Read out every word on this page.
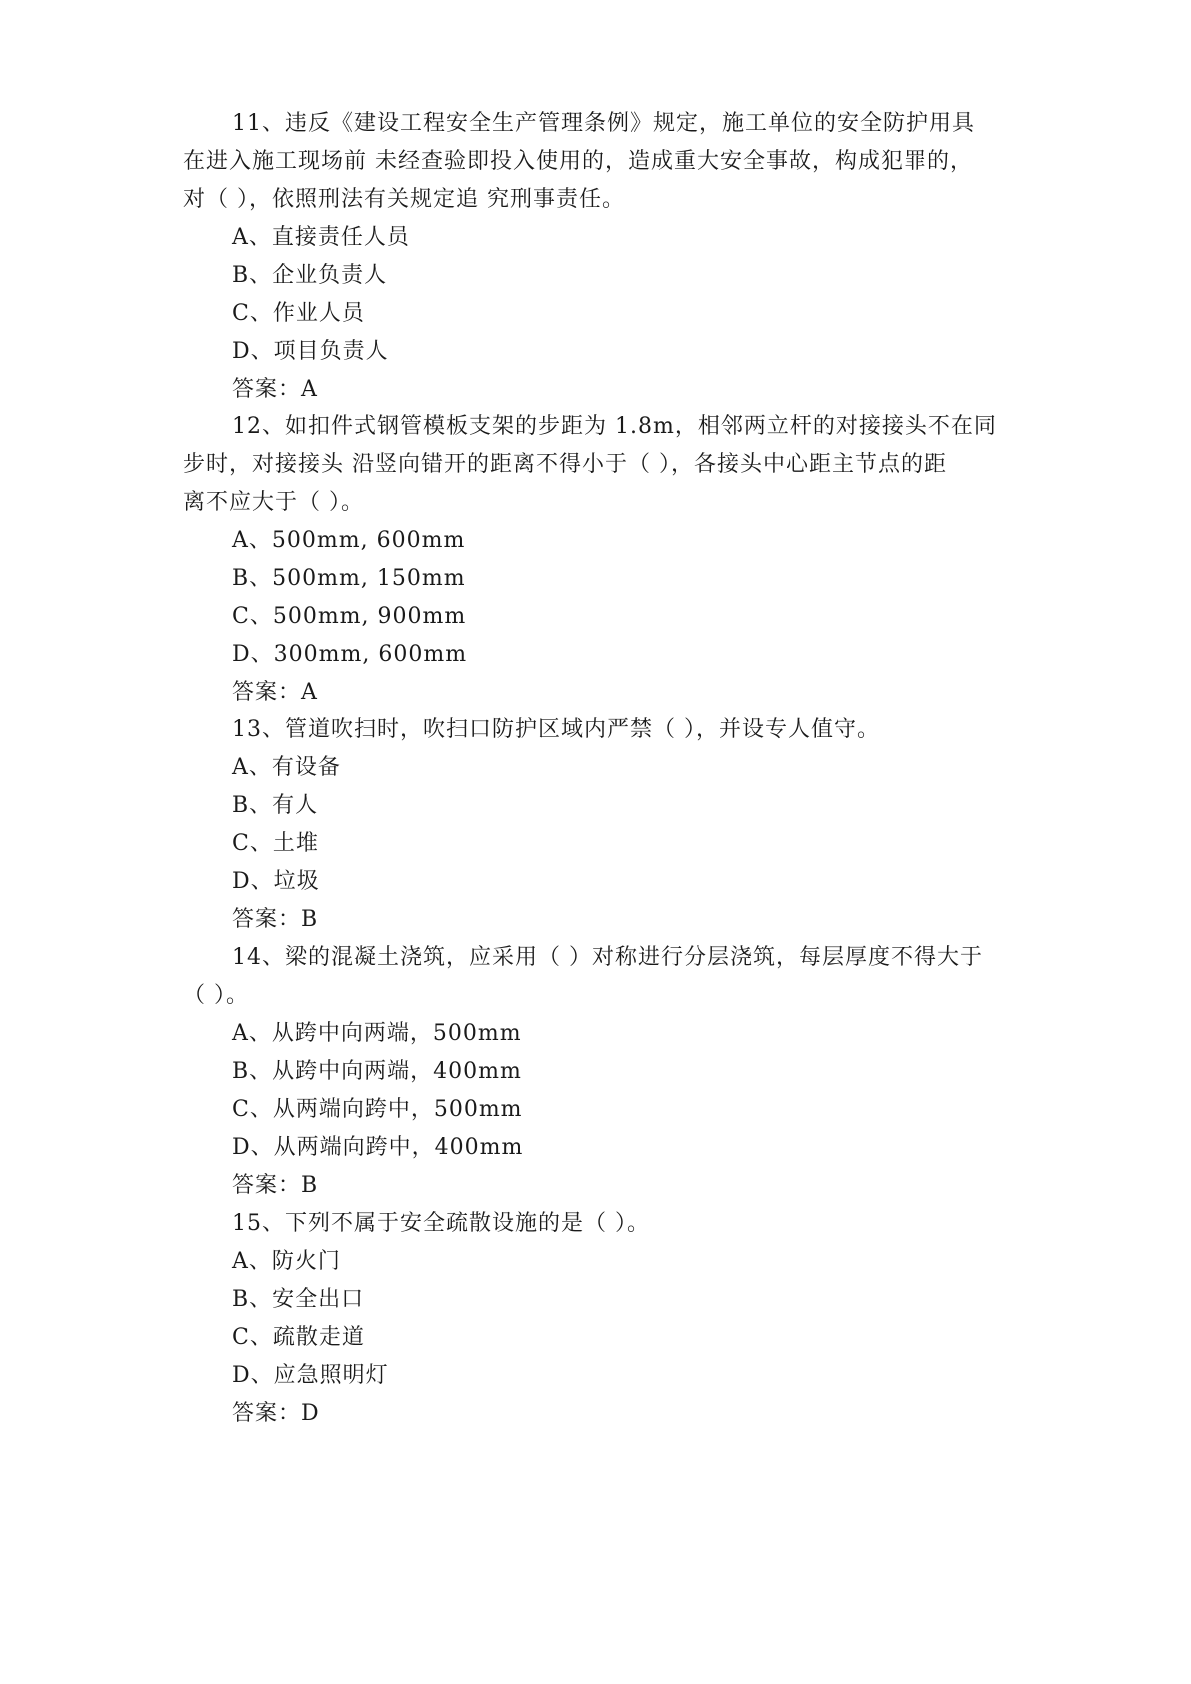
11、违反《建设工程安全生产管理条例》规定，施工单位的安全防护用具
在进入施工现场前 未经查验即投入使用的，造成重大安全事故，构成犯罪的，
对（ ），依照刑法有关规定追 究刑事责任。
A、直接责任人员
B、企业负责人
C、作业人员
D、项目负责人
答案：A
12、如扣件式钢管模板支架的步距为 1.8m，相邻两立杆的对接接头不在同
步时，对接接头 沿竖向错开的距离不得小于（ ），各接头中心距主节点的距
离不应大于（ ）。
A、500mm, 600mm
B、500mm, 150mm
C、500mm, 900mm
D、300mm, 600mm
答案：A
13、管道吹扫时，吹扫口防护区域内严禁（ ），并设专人值守。
A、有设备
B、有人
C、土堆
D、垃圾
答案：B
14、梁的混凝土浇筑，应采用（ ）对称进行分层浇筑，每层厚度不得大于
（ ）。
A、从跨中向两端，500mm
B、从跨中向两端，400mm
C、从两端向跨中，500mm
D、从两端向跨中，400mm
答案：B
15、下列不属于安全疏散设施的是（ ）。
A、防火门
B、安全出口
C、疏散走道
D、应急照明灯
答案：D
